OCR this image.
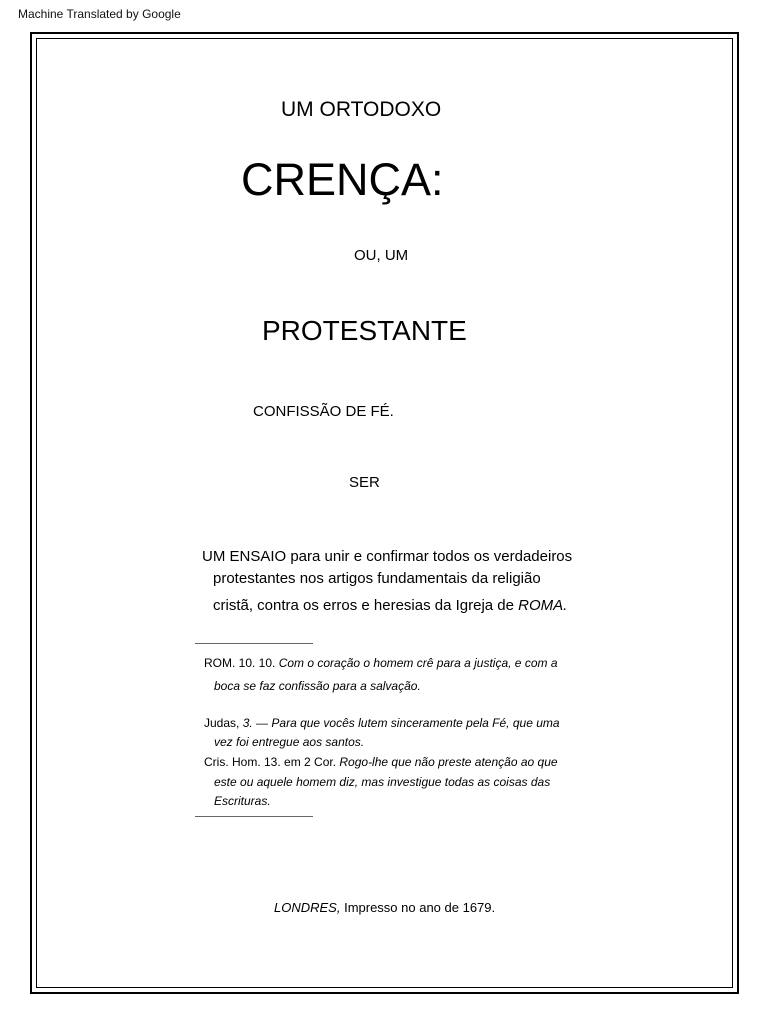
Machine Translated by Google
UM ORTODOXO
CRENÇA:
OU, UM
PROTESTANTE
CONFISSÃO DE FÉ.
SER
UM ENSAIO para unir e confirmar todos os verdadeiros
protestantes nos artigos fundamentais da religião
cristã, contra os erros e heresias da Igreja de ROMA.
ROM. 10. 10. Com o coração o homem crê para a justiça, e com a
boca se faz confissão para a salvação.
Judas, 3. — Para que vocês lutem sinceramente pela Fé, que uma
vez foi entregue aos santos.
Cris. Hom. 13. em 2 Cor. Rogo-lhe que não preste atenção ao que
este ou aquele homem diz, mas investigue todas as coisas das
Escrituras.
LONDRES, Impresso no ano de 1679.
